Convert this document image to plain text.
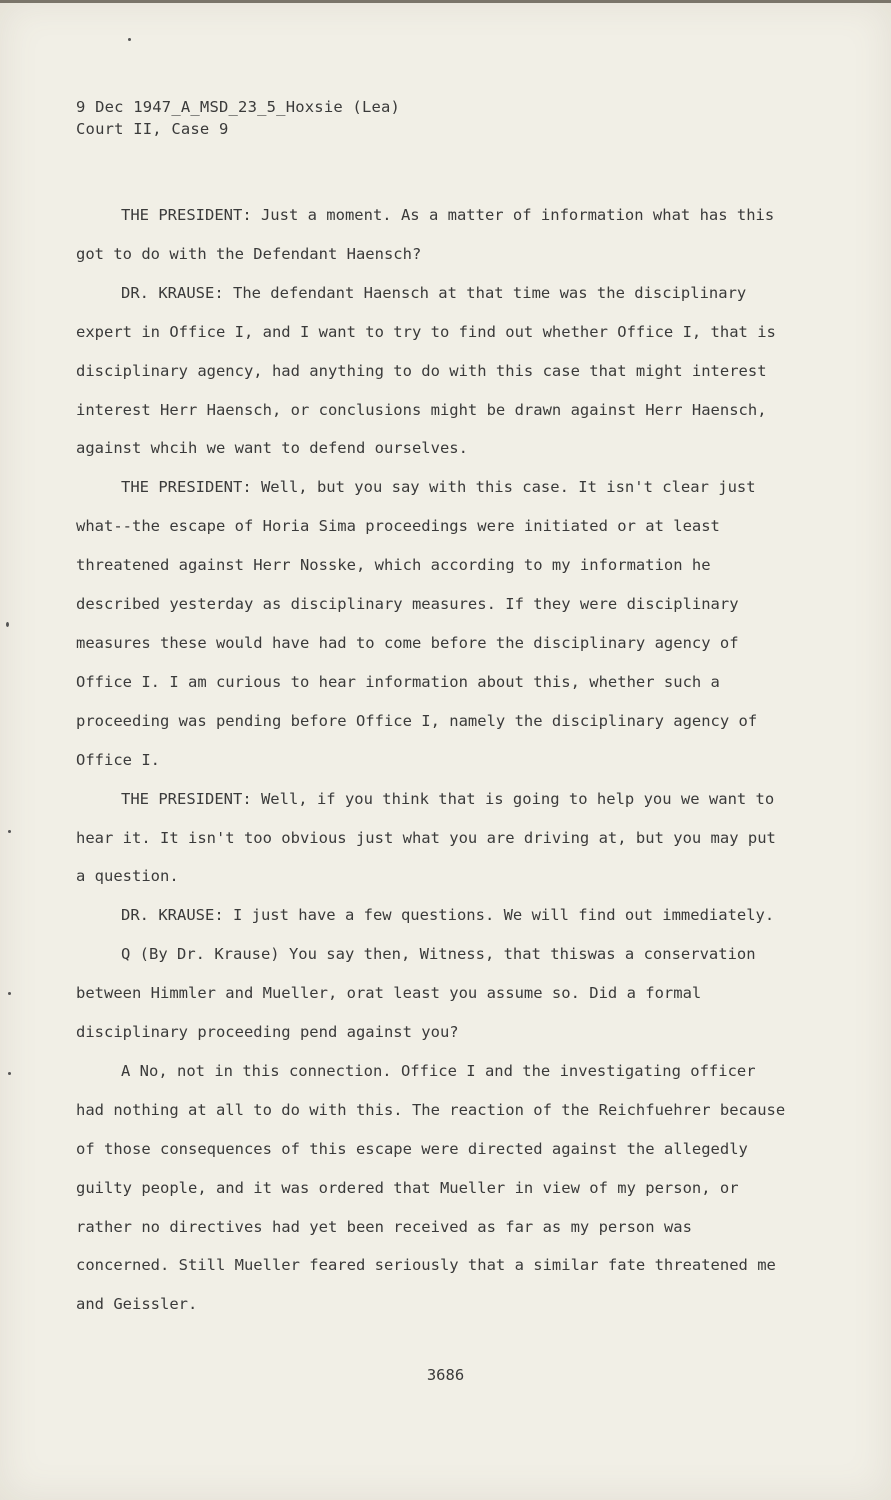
9 Dec 1947_A_MSD_23_5_Hoxsie (Lea)
Court II, Case 9

THE PRESIDENT: Just a moment. As a matter of information what has this got to do with the Defendant Haensch?

DR. KRAUSE: The defendant Haensch at that time was the disciplinary expert in Office I, and I want to try to find out whether Office I, that is disciplinary agency, had anything to do with this case that might interest interest Herr Haensch, or conclusions might be drawn against Herr Haensch, against whcih we want to defend ourselves.

THE PRESIDENT: Well, but you say with this case. It isn't clear just what--the escape of Horia Sima proceedings were initiated or at least threatened against Herr Nosske, which according to my information he described yesterday as disciplinary measures. If they were disciplinary measures these would have had to come before the disciplinary agency of Office I. I am curious to hear information about this, whether such a proceeding was pending before Office I, namely the disciplinary agency of Office I.

THE PRESIDENT: Well, if you think that is going to help you we want to hear it. It isn't too obvious just what you are driving at, but you may put a question.

DR. KRAUSE: I just have a few questions. We will find out immediately.

Q (By Dr. Krause) You say then, Witness, that thiswas a conservation between Himmler and Mueller, orat least you assume so. Did a formal disciplinary proceeding pend against you?

A No, not in this connection. Office I and the investigating officer had nothing at all to do with this. The reaction of the Reichfuehrer because of those consequences of this escape were directed against the allegedly guilty people, and it was ordered that Mueller in view of my person, or rather no directives had yet been received as far as my person was concerned. Still Mueller feared seriously that a similar fate threatened me and Geissler.

3686
